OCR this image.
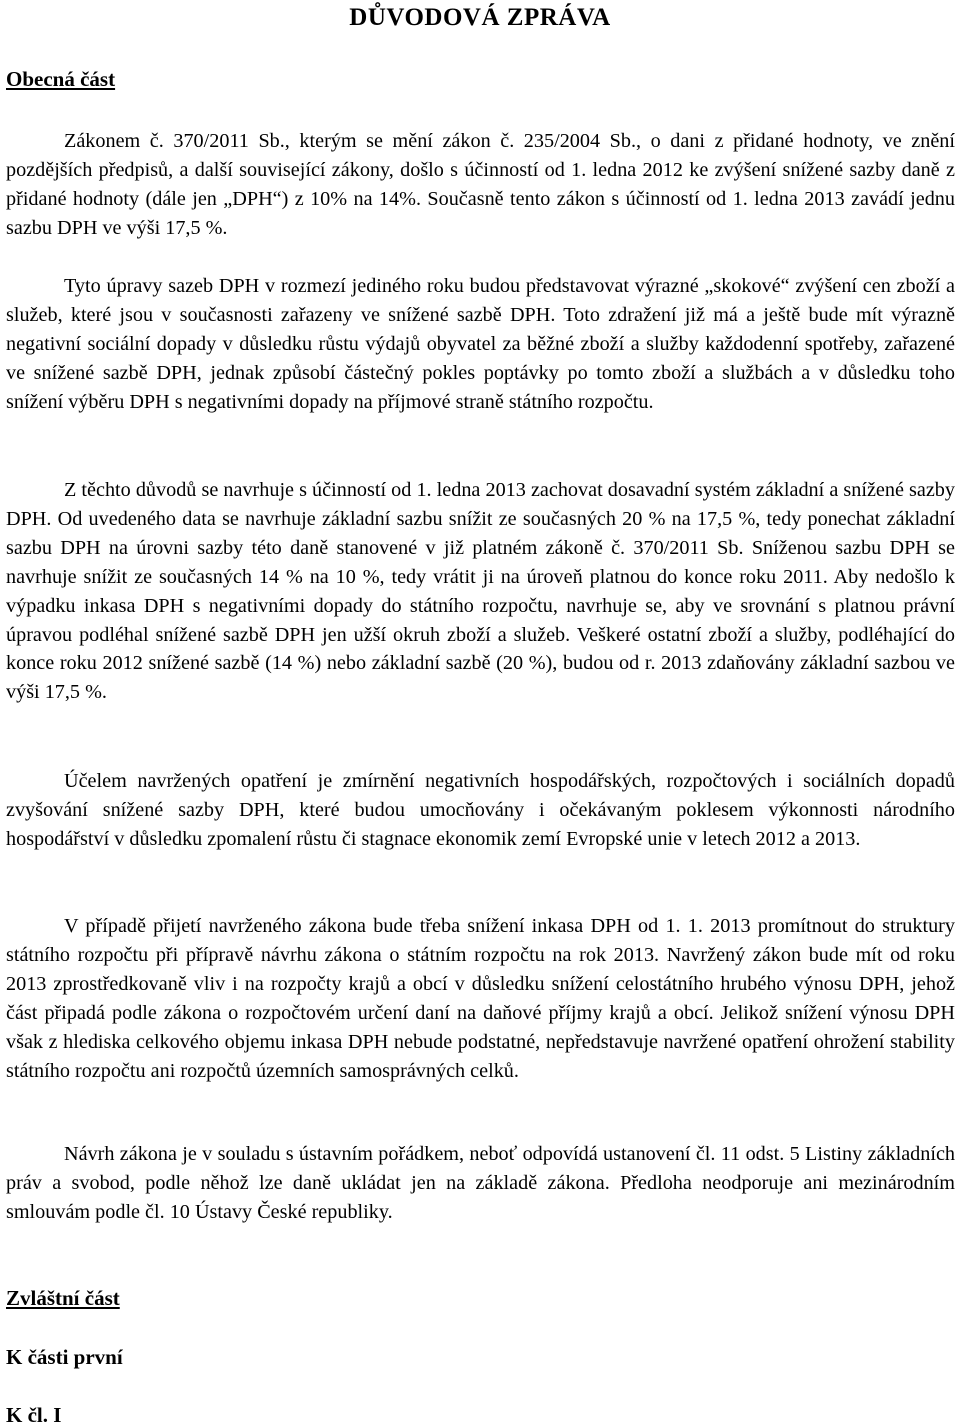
DŮVODOVÁ ZPRÁVA
Obecná část

Zákonem č. 370/2011 Sb., kterým se mění zákon č. 235/2004 Sb., o dani z přidané hodnoty, ve znění pozdějších předpisů, a další související zákony, došlo s účinností od 1. ledna 2012 ke zvýšení snížené sazby daně z přidané hodnoty (dále jen „DPH“) z 10% na 14%. Současně tento zákon s účinností od 1. ledna 2013 zavádí jednu sazbu DPH ve výši 17,5 %.

Tyto úpravy sazeb DPH v rozmezí jediného roku budou představovat výrazné „skokové“ zvýšení cen zboží a služeb, které jsou v současnosti zařazeny ve snížené sazbě DPH. Toto zdražení již má a ještě bude mít výrazně negativní sociální dopady v důsledku růstu výdajů obyvatel za běžné zboží a služby každodenní spotřeby, zařazené ve snížené sazbě DPH, jednak způsobí částečný pokles poptávky po tomto zboží a službách a v důsledku toho snížení výběru DPH s negativními dopady na příjmové straně státního rozpočtu.

Z těchto důvodů se navrhuje s účinností od 1. ledna 2013 zachovat dosavadní systém základní a snížené sazby DPH. Od uvedeného data se navrhuje základní sazbu snížit ze současných 20 % na 17,5 %, tedy ponechat základní sazbu DPH na úrovni sazby této daně stanovené v již platném zákoně č. 370/2011 Sb. Sníženou sazbu DPH se navrhuje snížit ze současných 14 % na 10 %, tedy vrátit ji na úroveň platnou do konce roku 2011. Aby nedošlo k výpadku inkasa DPH s negativními dopady do státního rozpočtu, navrhuje se, aby ve srovnání s platnou právní úpravou podléhal snížené sazbě DPH jen užší okruh zboží a služeb. Veškeré ostatní zboží a služby, podléhající do konce roku 2012 snížené sazbě (14 %) nebo základní sazbě (20 %), budou od r. 2013 zdaňovány základní sazbou ve výši 17,5 %.

Účelem navržených opatření je zmírnění negativních hospodářských, rozpočtových i sociálních dopadů zvyšování snížené sazby DPH, které budou umocňovány i očekávaným poklesem výkonnosti národního hospodářství v důsledku zpomalení růstu či stagnace ekonomik zemí Evropské unie v letech 2012 a 2013.

V případě přijetí navrženého zákona bude třeba snížení inkasa DPH od 1. 1. 2013 promítnout do struktury státního rozpočtu při přípravě návrhu zákona o státním rozpočtu na rok 2013. Navržený zákon bude mít od roku 2013 zprostředkovaně vliv i na rozpočty krajů a obcí v důsledku snížení celostátního hrubého výnosu DPH, jehož část připadá podle zákona o rozpočtovém určení daní na daňové příjmy krajů a obcí. Jelikož snížení výnosu DPH však z hlediska celkového objemu inkasa DPH nebude podstatné, nepředstavuje navržené opatření ohrožení stability státního rozpočtu ani rozpočtů územních samosprávných celků.

Návrh zákona je v souladu s ústavním pořádkem, neboť odpovídá ustanovení čl. 11 odst. 5 Listiny základních práv a svobod, podle něhož lze daně ukládat jen na základě zákona. Předloha neodporuje ani mezinárodním smlouvám podle čl. 10 Ústavy České republiky.

Zvláštní část
K části první
K čl. I
